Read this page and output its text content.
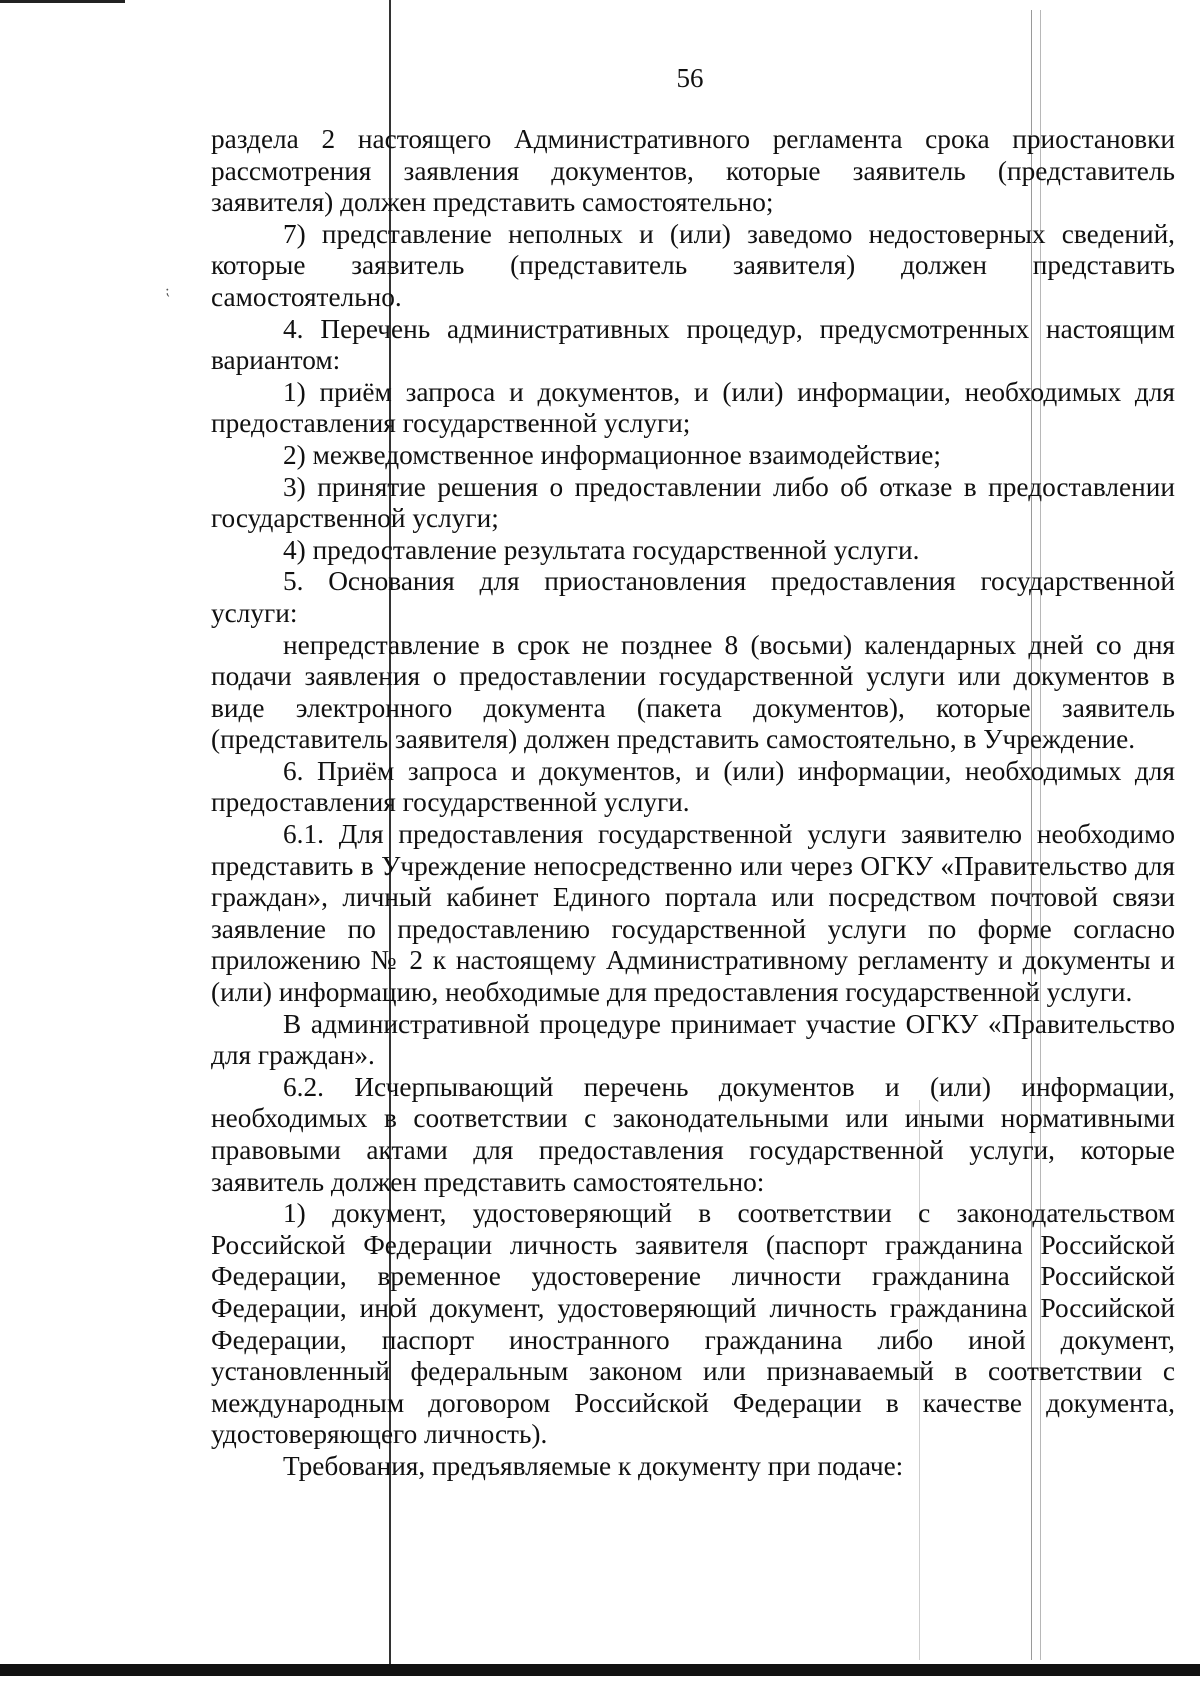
⁏
56

раздела 2 настоящего Административного регламента срока приостановки рассмотрения заявления документов, которые заявитель (представитель заявителя) должен представить самостоятельно;

7) представление неполных и (или) заведомо недостоверных сведений, которые заявитель (представитель заявителя) должен представить самостоятельно.

4. Перечень административных процедур, предусмотренных настоящим вариантом:

1) приём запроса и документов, и (или) информации, необходимых для предоставления государственной услуги;

2) межведомственное информационное взаимодействие;

3) принятие решения о предоставлении либо об отказе в предоставлении государственной услуги;

4) предоставление результата государственной услуги.

5. Основания для приостановления предоставления государственной услуги:

непредставление в срок не позднее 8 (восьми) календарных дней со дня подачи заявления о предоставлении государственной услуги или документов в виде электронного документа (пакета документов), которые заявитель (представитель заявителя) должен представить самостоятельно, в Учреждение.

6. Приём запроса и документов, и (или) информации, необходимых для предоставления государственной услуги.

6.1. Для предоставления государственной услуги заявителю необходимо представить в Учреждение непосредственно или через ОГКУ «Правительство для граждан», личный кабинет Единого портала или посредством почтовой связи заявление по предоставлению государственной услуги по форме согласно приложению № 2 к настоящему Административному регламенту и документы и (или) информацию, необходимые для предоставления государственной услуги.

В административной процедуре принимает участие ОГКУ «Правительство для граждан».

6.2. Исчерпывающий перечень документов и (или) информации, необходимых в соответствии с законодательными или иными нормативными правовыми актами для предоставления государственной услуги, которые заявитель должен представить самостоятельно:

1) документ, удостоверяющий в соответствии с законодательством Российской Федерации личность заявителя (паспорт гражданина Российской Федерации, временное удостоверение личности гражданина Российской Федерации, иной документ, удостоверяющий личность гражданина Российской Федерации, паспорт иностранного гражданина либо иной документ, установленный федеральным законом или признаваемый в соответствии с международным договором Российской Федерации в качестве документа, удостоверяющего личность).

Требования, предъявляемые к документу при подаче:
